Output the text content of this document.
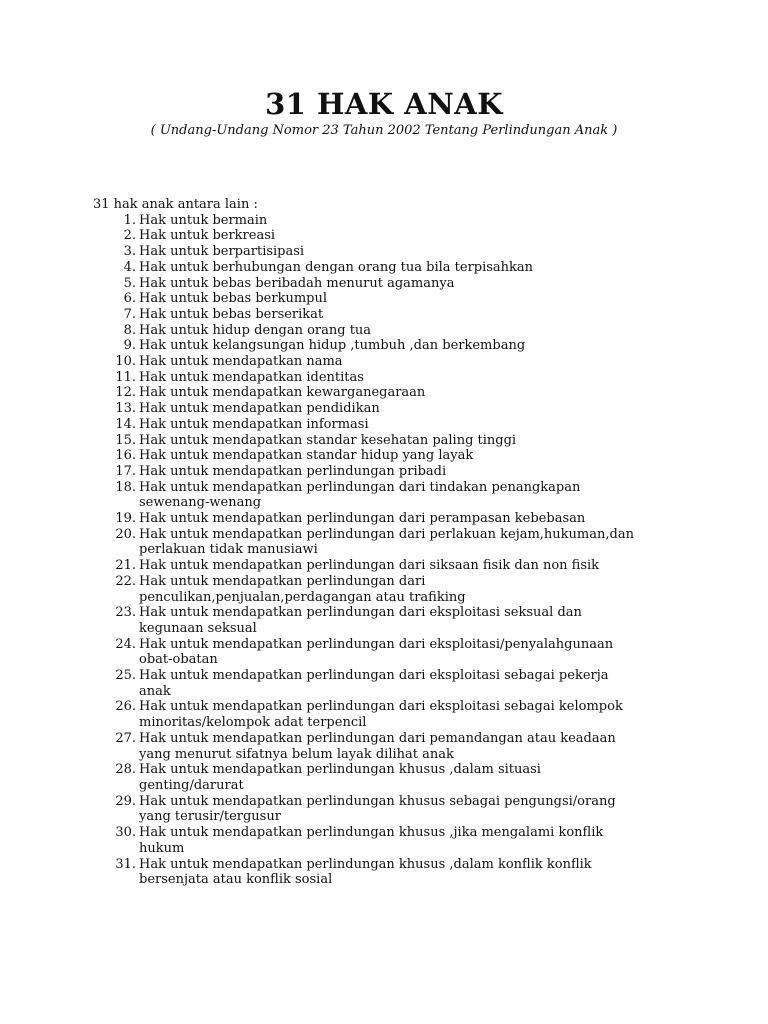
31 HAK ANAK

( Undang-Undang Nomor 23 Tahun 2002 Tentang Perlindungan Anak )

31 hak anak antara lain :

1. Hak untuk bermain
2. Hak untuk berkreasi
3. Hak untuk berpartisipasi
4. Hak untuk berhubungan dengan orang tua bila terpisahkan
5. Hak untuk bebas beribadah menurut agamanya
6. Hak untuk bebas berkumpul
7. Hak untuk bebas berserikat
8. Hak untuk hidup dengan orang tua
9. Hak untuk kelangsungan hidup ,tumbuh ,dan berkembang
10. Hak untuk mendapatkan nama
11. Hak untuk mendapatkan identitas
12. Hak untuk mendapatkan kewarganegaraan
13. Hak untuk mendapatkan pendidikan
14. Hak untuk mendapatkan informasi
15. Hak untuk mendapatkan standar kesehatan paling tinggi
16. Hak untuk mendapatkan standar hidup yang layak
17. Hak untuk mendapatkan perlindungan pribadi
18. Hak untuk mendapatkan perlindungan dari tindakan penangkapan
sewenang-wenang
19. Hak untuk mendapatkan perlindungan dari perampasan kebebasan
20. Hak untuk mendapatkan perlindungan dari perlakuan kejam,hukuman,dan
perlakuan tidak manusiawi
21. Hak untuk mendapatkan perlindungan dari siksaan fisik dan non fisik
22. Hak untuk mendapatkan perlindungan dari
penculikan,penjualan,perdagangan atau trafiking
23. Hak untuk mendapatkan perlindungan dari eksploitasi seksual dan
kegunaan seksual
24. Hak untuk mendapatkan perlindungan dari eksploitasi/penyalahgunaan
obat-obatan
25. Hak untuk mendapatkan perlindungan dari eksploitasi sebagai pekerja
anak
26. Hak untuk mendapatkan perlindungan dari eksploitasi sebagai kelompok
minoritas/kelompok adat terpencil
27. Hak untuk mendapatkan perlindungan dari pemandangan atau keadaan
yang menurut sifatnya belum layak dilihat anak
28. Hak untuk mendapatkan perlindungan khusus ,dalam situasi
genting/darurat
29. Hak untuk mendapatkan perlindungan khusus sebagai pengungsi/orang
yang terusir/tergusur
30. Hak untuk mendapatkan perlindungan khusus ,jika mengalami konflik
hukum
31. Hak untuk mendapatkan perlindungan khusus ,dalam konflik konflik
bersenjata atau konflik sosial
